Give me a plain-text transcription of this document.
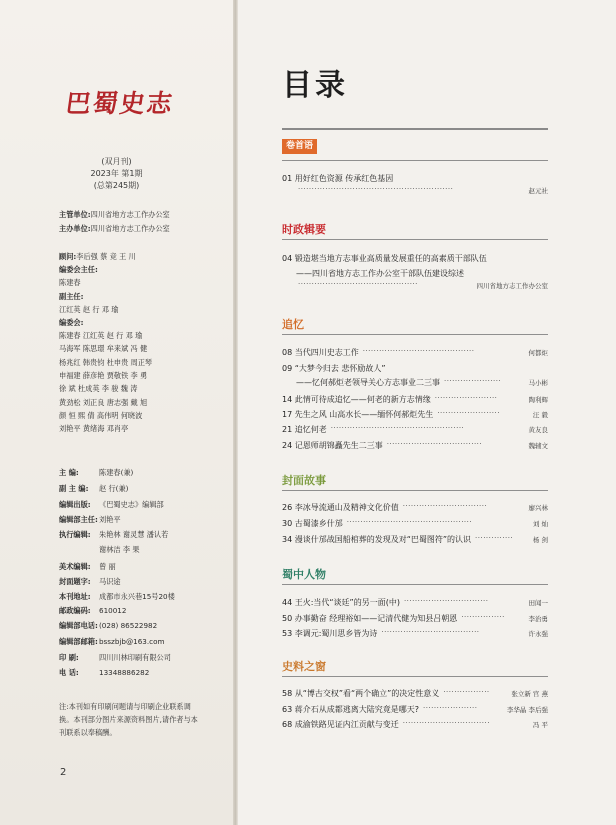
巴蜀史志
(双月刊)
2023年 第1期
(总第245期)
主管单位:四川省地方志工作办公室
主办单位:四川省地方志工作办公室
顾问:李后强 蔡 竞 王 川
编委会主任:
陈建春
副主任:
江红英 赵 行 邓 瑜
编委会:
陈建春 江红英 赵 行 邓 瑜
马海军 陈思璟 牟来斌 冯 健
杨兆红 韩贵钧 杜申贵 周正琴
申福建 薛彦艳 贾敬铁 李 勇
徐 斌 杜成英 李 骏 魏 涛
黄劲松 刘正良 唐志强 戴 旭
颜 恒 熙 倩 高伟明 何晓波
刘艳平 黄绪海 邓肖亭
主 编:	陈建春(兼)
副 主 编: 赵 行(兼)
编辑出版: 《巴蜀史志》编辑部
编辑部主任:刘艳平
执行编辑: 朱艳林 谢灵慧 潘认若
谢林洁 李 果
美术编辑: 曾 丽
封面题字: 马识途
本刊地址: 成都市永兴巷15号20楼
邮政编码: 610012
编辑部电话:(028) 86522982
编辑部邮箱:bsszbjb@163.com
印 刷:	四川川林印刷有限公司
电 话:	13348886282
注:本刊如有印刷问题请与印刷企业联系调
换。本刊部分图片来源资料图片,请作者与本
刊联系以奉稿酬。
2
目录
卷首语
01 用好红色资源 传承红色基因
赵元社
时政辑要
04 锻造堪当地方志事业高质量发展重任的高素质干部队伍
——四川省地方志工作办公室干部队伍建设综述
四川省地方志工作办公室
追忆
08 当代四川史志工作	何都炬
09 “大梦今归去 悲怀励故人”
——忆何郝炬老领导关心方志事业二三事	马小彬
14 此情可待成追忆——何老的新方志情缘	陶利辉
17 先生之风 山高水长——缅怀何郝炬先生	汪 毅
21 追忆何老	黄友良
24 记恩师胡锦矗先生二三事	魏辅文
封面故事
26 李冰导流通山及精神文化价值	廖兴林
30 古蜀漆乡什邡	刘 灿
34 漫谈什邡战国船棺葬的发现及对“巴蜀图符”的认识	杨 剑
蜀中人物
44 王火:当代“谈廷”的另一面(中)	田闻一
50 办事勤奋 经理裕如——记清代健为知县吕朝恩	李治勇
53 李调元:蜀川思乡皆为诗	许永强
史料之窗
58 从“博古交权”看“两个确立”的决定性意义	张立新 官 燕
63 蒋介石从成都逃离大陆究竟是哪天?	李华晶 李后强
68 成渝铁路见证内江贡献与变迁	冯 平
·························································
············································
·········································
·····················
·······················
·······················
·················································
···································
·······························
··············································
··············
·······························
················
····································
·················
····················
································
